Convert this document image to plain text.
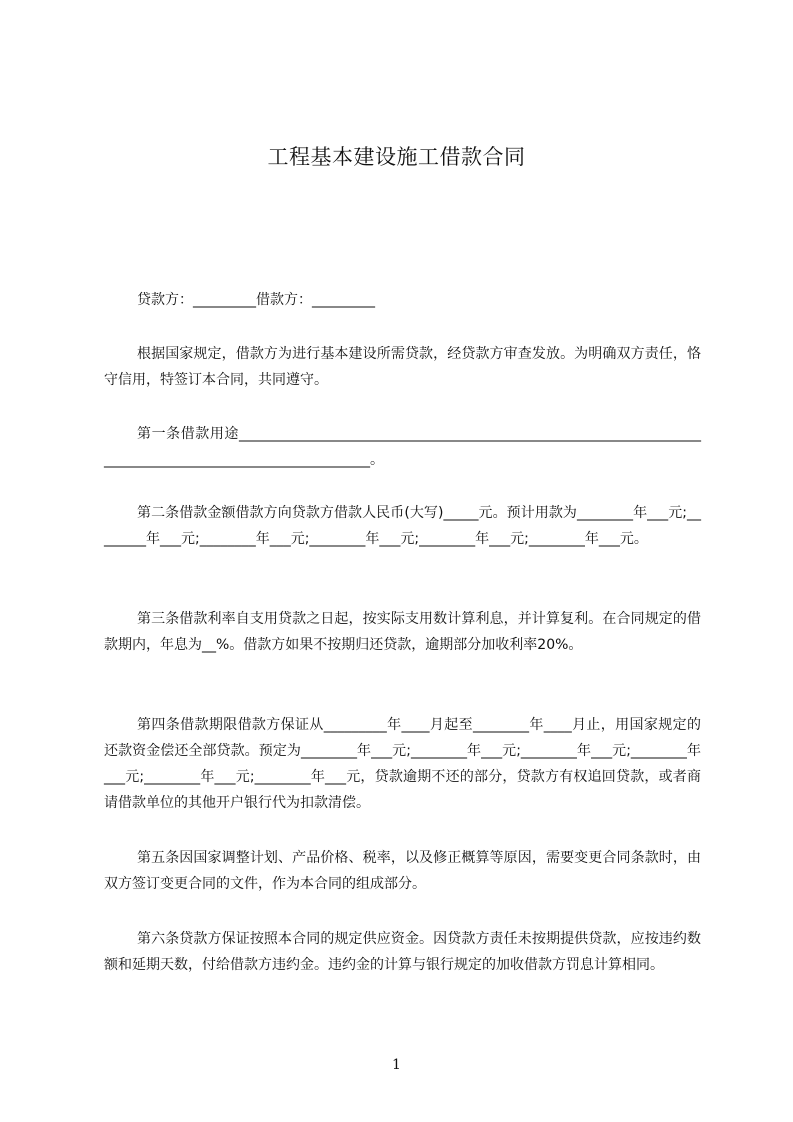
工程基本建设施工借款合同
贷款方：_________借款方：_________
根据国家规定，借款方为进行基本建设所需贷款，经贷款方审查发放。为明确双方责任，恪守信用，特签订本合同，共同遵守。
第一条借款用途________________________________________________________________________________________________________。
第二条借款金额借款方向贷款方借款人民币(大写)_____元。预计用款为________年___元;________年___元;________年___元;________年___元;________年___元;________年___元。
第三条借款利率自支用贷款之日起，按实际支用数计算利息，并计算复利。在合同规定的借款期内，年息为__%。借款方如果不按期归还贷款，逾期部分加收利率20%。
第四条借款期限借款方保证从_________年____月起至________年____月止，用国家规定的还款资金偿还全部贷款。预定为________年___元;________年___元;________年___元;________年___元;________年___元;________年___元，贷款逾期不还的部分，贷款方有权追回贷款，或者商请借款单位的其他开户银行代为扣款清偿。
第五条因国家调整计划、产品价格、税率，以及修正概算等原因，需要变更合同条款时，由双方签订变更合同的文件，作为本合同的组成部分。
第六条贷款方保证按照本合同的规定供应资金。因贷款方责任未按期提供贷款，应按违约数额和延期天数，付给借款方违约金。违约金的计算与银行规定的加收借款方罚息计算相同。
1
